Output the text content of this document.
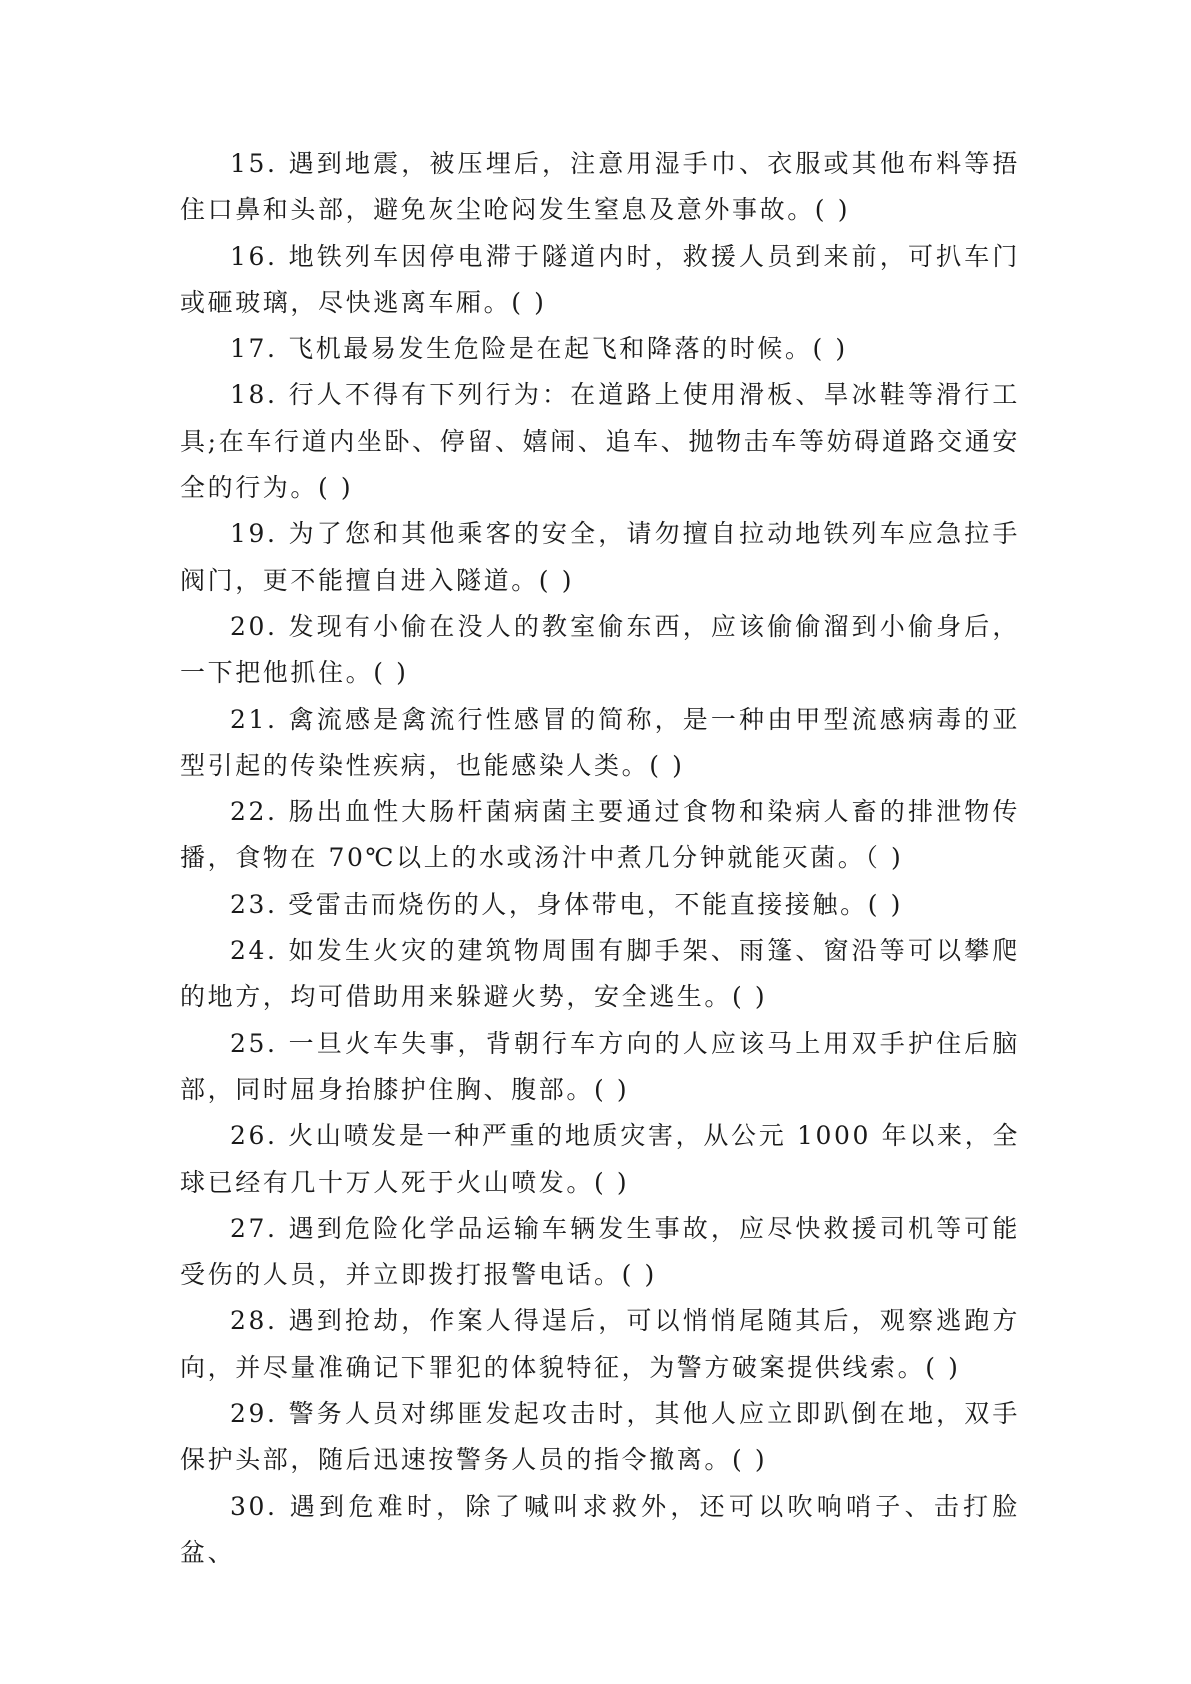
15. 遇到地震，被压埋后，注意用湿手巾、衣服或其他布料等捂住口鼻和头部，避免灰尘呛闷发生窒息及意外事故。( )

16. 地铁列车因停电滞于隧道内时，救援人员到来前，可扒车门或砸玻璃，尽快逃离车厢。( )

17. 飞机最易发生危险是在起飞和降落的时候。( )

18. 行人不得有下列行为：在道路上使用滑板、旱冰鞋等滑行工具;在车行道内坐卧、停留、嬉闹、追车、抛物击车等妨碍道路交通安全的行为。( )

19. 为了您和其他乘客的安全，请勿擅自拉动地铁列车应急拉手阀门，更不能擅自进入隧道。( )

20. 发现有小偷在没人的教室偷东西，应该偷偷溜到小偷身后，一下把他抓住。( )

21. 禽流感是禽流行性感冒的简称，是一种由甲型流感病毒的亚型引起的传染性疾病，也能感染人类。( )

22. 肠出血性大肠杆菌病菌主要通过食物和染病人畜的排泄物传播，食物在 70℃以上的水或汤汁中煮几分钟就能灭菌。（ )

23. 受雷击而烧伤的人，身体带电，不能直接接触。( )

24. 如发生火灾的建筑物周围有脚手架、雨篷、窗沿等可以攀爬的地方，均可借助用来躲避火势，安全逃生。( )

25. 一旦火车失事，背朝行车方向的人应该马上用双手护住后脑部，同时屈身抬膝护住胸、腹部。( )

26. 火山喷发是一种严重的地质灾害，从公元 1000 年以来，全球已经有几十万人死于火山喷发。( )

27. 遇到危险化学品运输车辆发生事故，应尽快救援司机等可能受伤的人员，并立即拨打报警电话。( )

28. 遇到抢劫，作案人得逞后，可以悄悄尾随其后，观察逃跑方向，并尽量准确记下罪犯的体貌特征，为警方破案提供线索。( )

29. 警务人员对绑匪发起攻击时，其他人应立即趴倒在地，双手保护头部，随后迅速按警务人员的指令撤离。( )

30. 遇到危难时，除了喊叫求救外，还可以吹响哨子、击打脸盆、
